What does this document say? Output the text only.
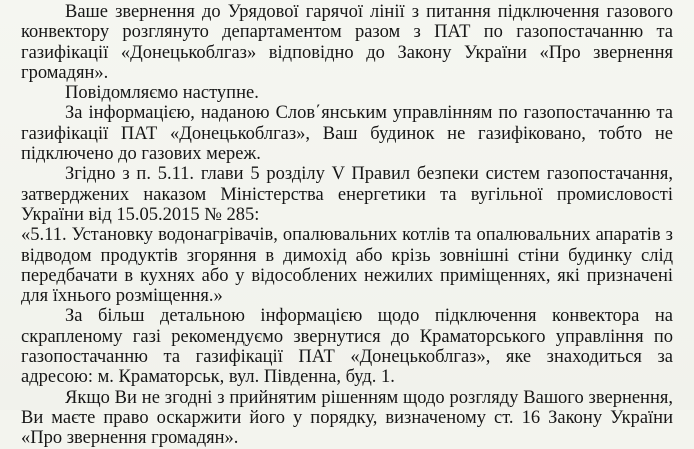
Ваше звернення до Урядової гарячої лінії з питання підключення газового конвектору розглянуто департаментом разом з ПАТ по газопостачанню та газифікації «Донецькоблгаз» відповідно до Закону України «Про звернення громадян».

Повідомляємо наступне.

За інформацією, наданою Слов΄янським управлінням по газопостачанню та газифікації ПАТ «Донецькоблгаз», Ваш будинок не газифіковано, тобто не підключено до газових мереж.

Згідно з п. 5.11. глави 5 розділу V Правил безпеки систем газопостачання, затверджених наказом Міністерства енергетики та вугільної промисловості України від 15.05.2015 № 285:

«5.11. Установку водонагрівачів, опалювальних котлів та опалювальних апаратів з відводом продуктів згоряння в димохід або крізь зовнішні стіни будинку слід передбачати в кухнях або у відособлених нежилих приміщеннях, які призначені для їхнього розміщення.»

За більш детальною інформацією щодо підключення конвектора на скрапленому газі рекомендуємо звернутися до Краматорського управління по газопостачанню та газифікації ПАТ «Донецькоблгаз», яке знаходиться за адресою: м. Краматорськ, вул. Південна, буд. 1.

Якщо Ви не згодні з прийнятим рішенням щодо розгляду Вашого звернення, Ви маєте право оскаржити його у порядку, визначеному ст. 16 Закону України «Про звернення громадян».
